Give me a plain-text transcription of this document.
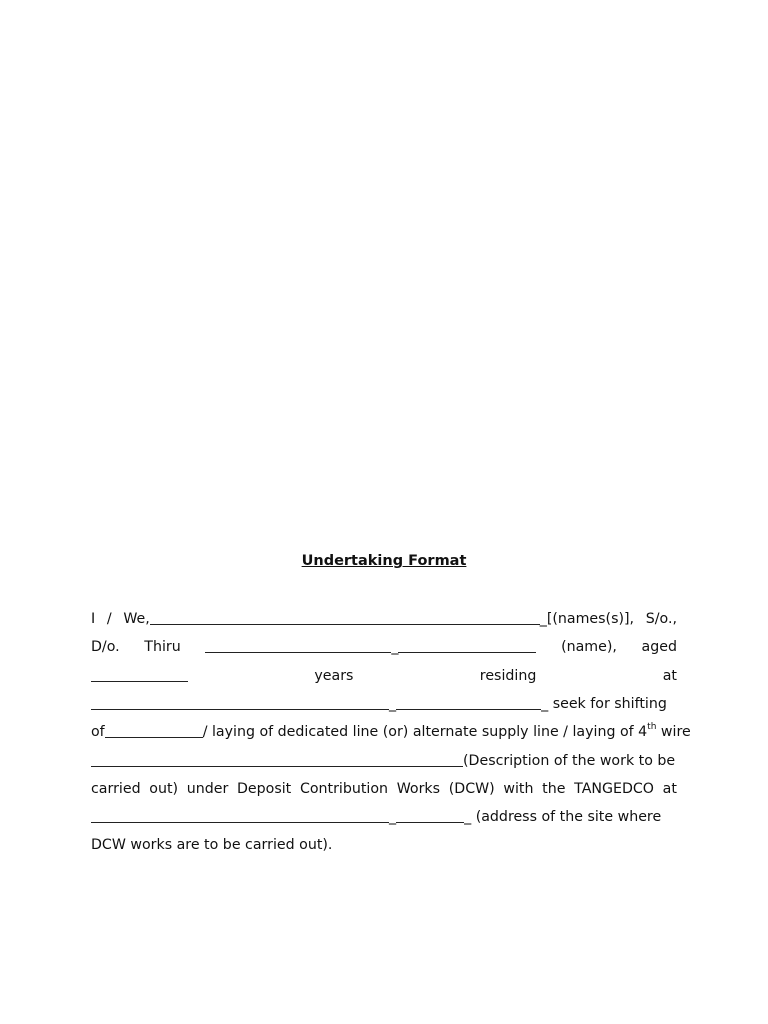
Undertaking Format
I / We,	_[(names(s)], S/o.,
D/o. Thiru	_	(name), aged
years	residing	at
_	_ seek for shifting
of	/ laying of dedicated line (or) alternate supply line / laying of 4th wire
(Description of the work to be
carried out) under Deposit Contribution Works (DCW) with the TANGEDCO at
_	_ (address of the site where
DCW works are to be carried out).
